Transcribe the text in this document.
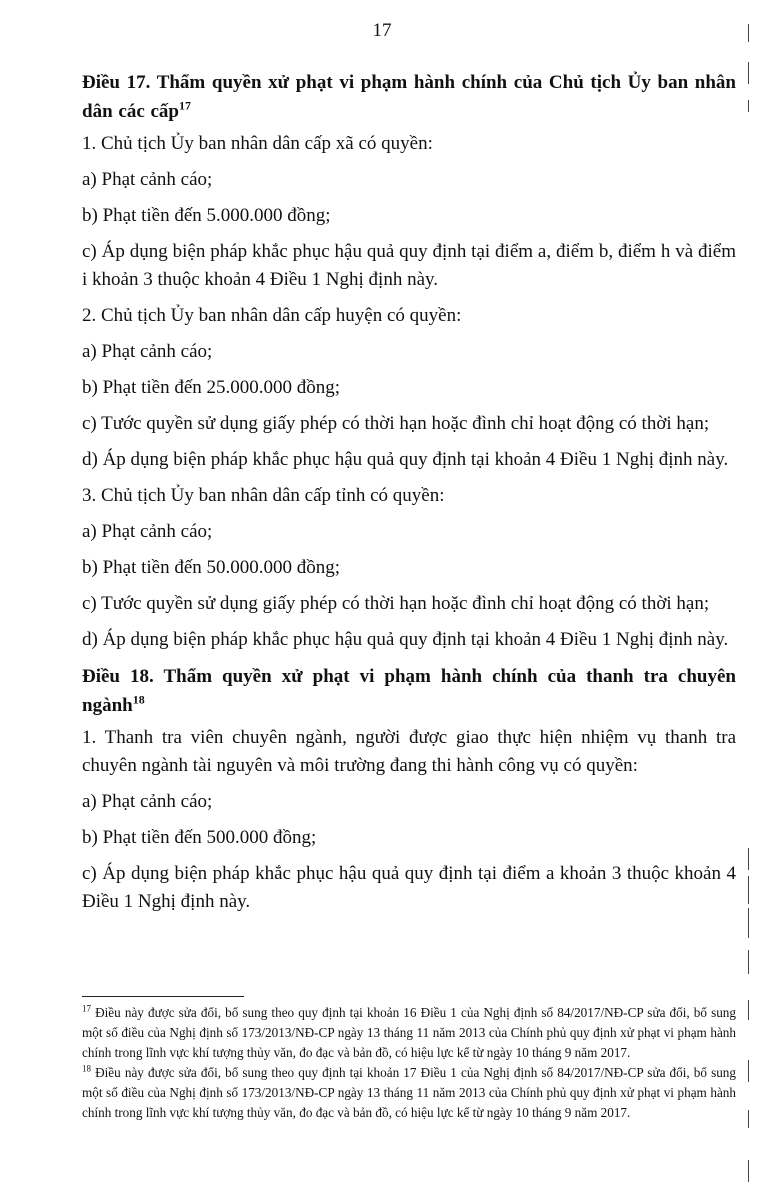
17
Điều 17. Thẩm quyền xử phạt vi phạm hành chính của Chủ tịch Ủy ban nhân dân các cấp$^{17}$

1. Chủ tịch Ủy ban nhân dân cấp xã có quyền:

a) Phạt cảnh cáo;

b) Phạt tiền đến 5.000.000 đồng;

c) Áp dụng biện pháp khắc phục hậu quả quy định tại điểm a, điểm b, điểm h và điểm i khoản 3 thuộc khoản 4 Điều 1 Nghị định này.

2. Chủ tịch Ủy ban nhân dân cấp huyện có quyền:

a) Phạt cảnh cáo;

b) Phạt tiền đến 25.000.000 đồng;

c) Tước quyền sử dụng giấy phép có thời hạn hoặc đình chỉ hoạt động có thời hạn;

d) Áp dụng biện pháp khắc phục hậu quả quy định tại khoản 4 Điều 1 Nghị định này.

3. Chủ tịch Ủy ban nhân dân cấp tỉnh có quyền:

a) Phạt cảnh cáo;

b) Phạt tiền đến 50.000.000 đồng;

c) Tước quyền sử dụng giấy phép có thời hạn hoặc đình chỉ hoạt động có thời hạn;

d) Áp dụng biện pháp khắc phục hậu quả quy định tại khoản 4 Điều 1 Nghị định này.

Điều 18. Thẩm quyền xử phạt vi phạm hành chính của thanh tra chuyên ngành$^{18}$

1. Thanh tra viên chuyên ngành, người được giao thực hiện nhiệm vụ thanh tra chuyên ngành tài nguyên và môi trường đang thi hành công vụ có quyền:

a) Phạt cảnh cáo;

b) Phạt tiền đến 500.000 đồng;

c) Áp dụng biện pháp khắc phục hậu quả quy định tại điểm a khoản 3 thuộc khoản 4 Điều 1 Nghị định này.

$^{17}$ Điều này được sửa đổi, bổ sung theo quy định tại khoản 16 Điều 1 của Nghị định số 84/2017/NĐ-CP sửa đổi, bổ sung một số điều của Nghị định số 173/2013/NĐ-CP ngày 13 tháng 11 năm 2013 của Chính phủ quy định xử phạt vi phạm hành chính trong lĩnh vực khí tượng thủy văn, đo đạc và bản đồ, có hiệu lực kể từ ngày 10 tháng 9 năm 2017.

$^{18}$ Điều này được sửa đổi, bổ sung theo quy định tại khoản 17 Điều 1 của Nghị định số 84/2017/NĐ-CP sửa đổi, bổ sung một số điều của Nghị định số 173/2013/NĐ-CP ngày 13 tháng 11 năm 2013 của Chính phủ quy định xử phạt vi phạm hành chính trong lĩnh vực khí tượng thủy văn, đo đạc và bản đồ, có hiệu lực kể từ ngày 10 tháng 9 năm 2017.
